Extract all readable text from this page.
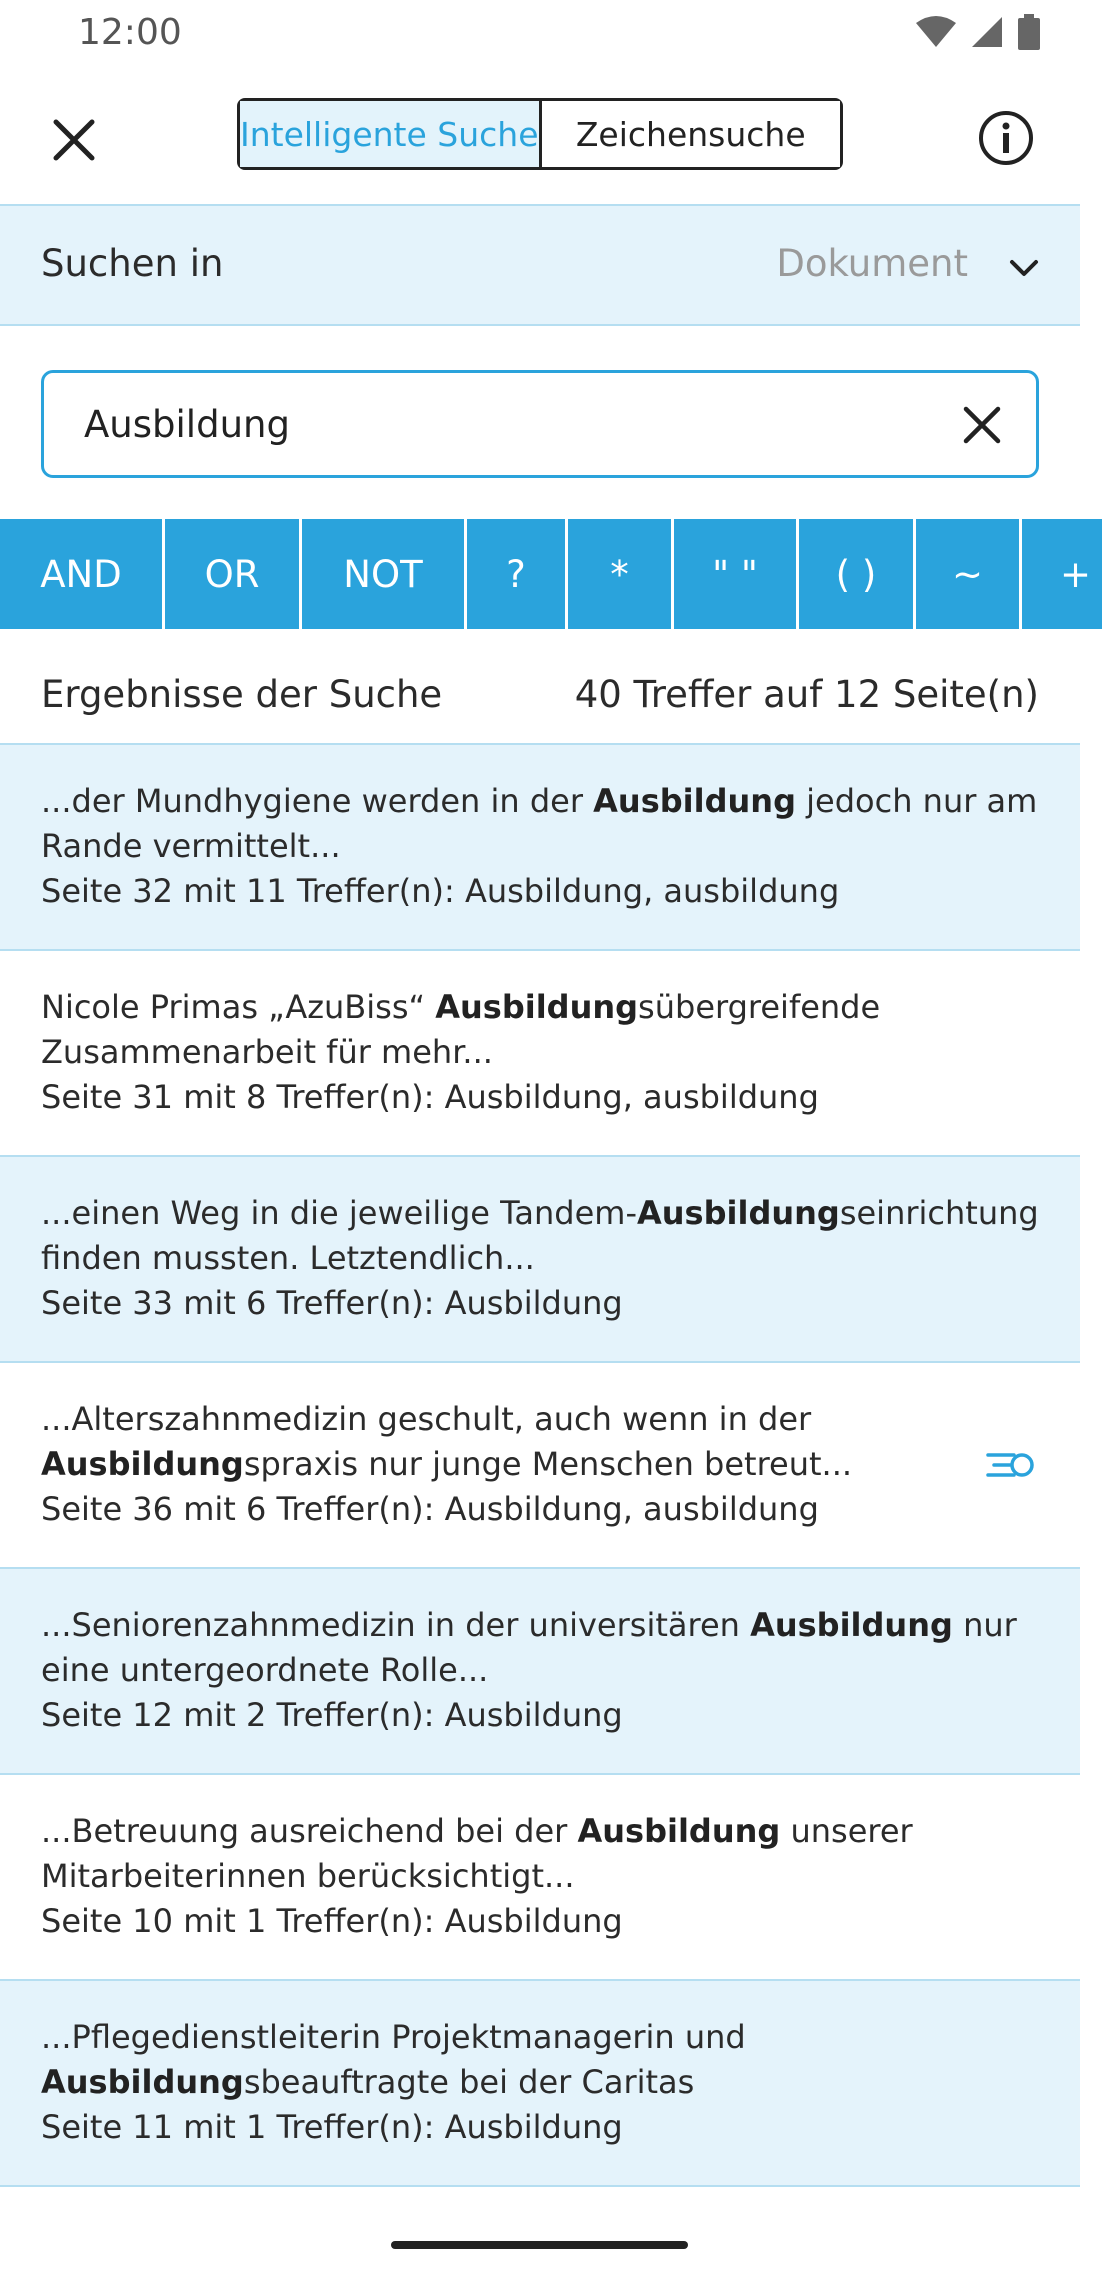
12:00
Intelligente Suche	Zeichensuche
Suchen in	Dokument
Ausbildung
AND	OR	NOT	?	*	" "	( )	~	+
Ergebnisse der Suche	40 Treffer auf 12 Seite(n)
...der Mundhygiene werden in der Ausbildung jedoch nur am
Rande vermittelt...
Seite 32 mit 11 Treffer(n): Ausbildung, ausbildung
Nicole Primas „AzuBiss“ Ausbildungsübergreifende
Zusammenarbeit für mehr...
Seite 31 mit 8 Treffer(n): Ausbildung, ausbildung
...einen Weg in die jeweilige Tandem-Ausbildungseinrichtung
finden mussten. Letztendlich...
Seite 33 mit 6 Treffer(n): Ausbildung
...Alterszahnmedizin geschult, auch wenn in der
Ausbildungspraxis nur junge Menschen betreut...
Seite 36 mit 6 Treffer(n): Ausbildung, ausbildung
...Seniorenzahnmedizin in der universitären Ausbildung nur
eine untergeordnete Rolle...
Seite 12 mit 2 Treffer(n): Ausbildung
...Betreuung ausreichend bei der Ausbildung unserer
Mitarbeiterinnen berücksichtigt...
Seite 10 mit 1 Treffer(n): Ausbildung
...Pflegedienstleiterin Projektmanagerin und
Ausbildungsbeauftragte bei der Caritas
Seite 11 mit 1 Treffer(n): Ausbildung
